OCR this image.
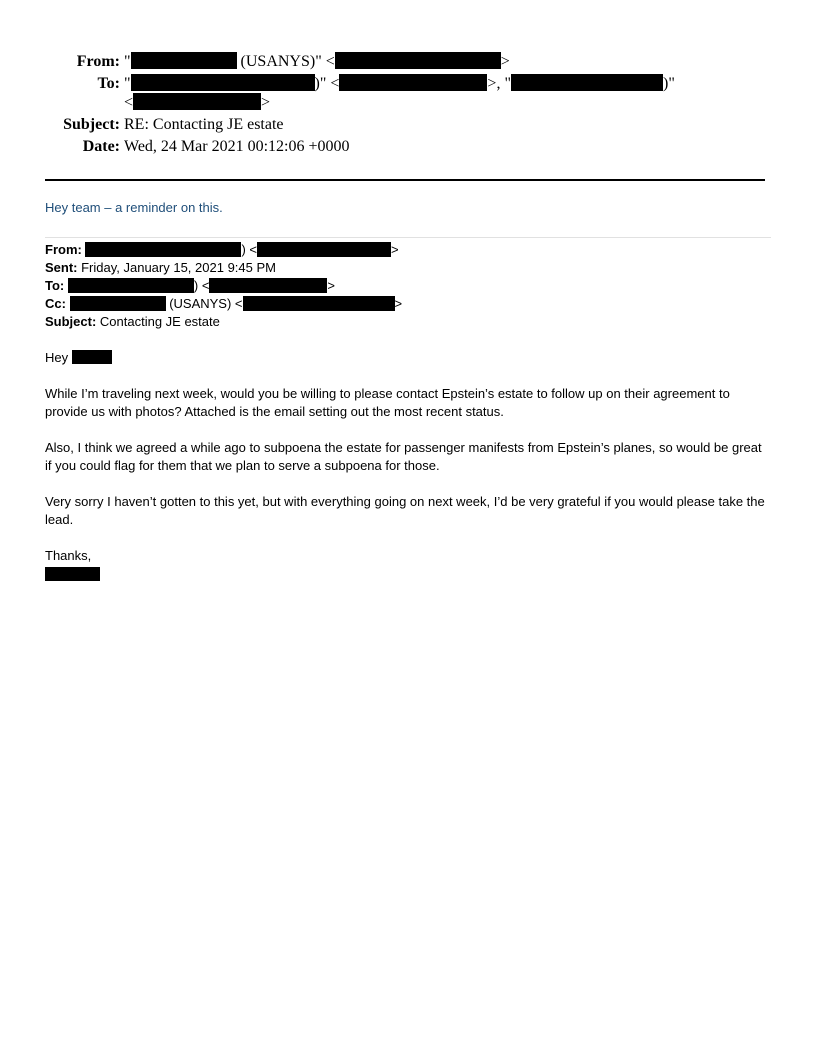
From: "	(USANYS)" <	>
To: "	)" <	>, "	)"
<	>
Subject: RE: Contacting JE estate
Date: Wed, 24 Mar 2021 00:12:06 +0000

Hey team – a reminder on this.

From:	) <	>
Sent: Friday, January 15, 2021 9:45 PM
To:	) <	>
Cc:	(USANYS) <	>
Subject: Contacting JE estate

Hey

While I’m traveling next week, would you be willing to please contact Epstein’s estate to follow up on their agreement to provide us with photos? Attached is the email setting out the most recent status.

Also, I think we agreed a while ago to subpoena the estate for passenger manifests from Epstein’s planes, so would be great if you could flag for them that we plan to serve a subpoena for those.

Very sorry I haven’t gotten to this yet, but with everything going on next week, I’d be very grateful if you would please take the lead.

Thanks,
